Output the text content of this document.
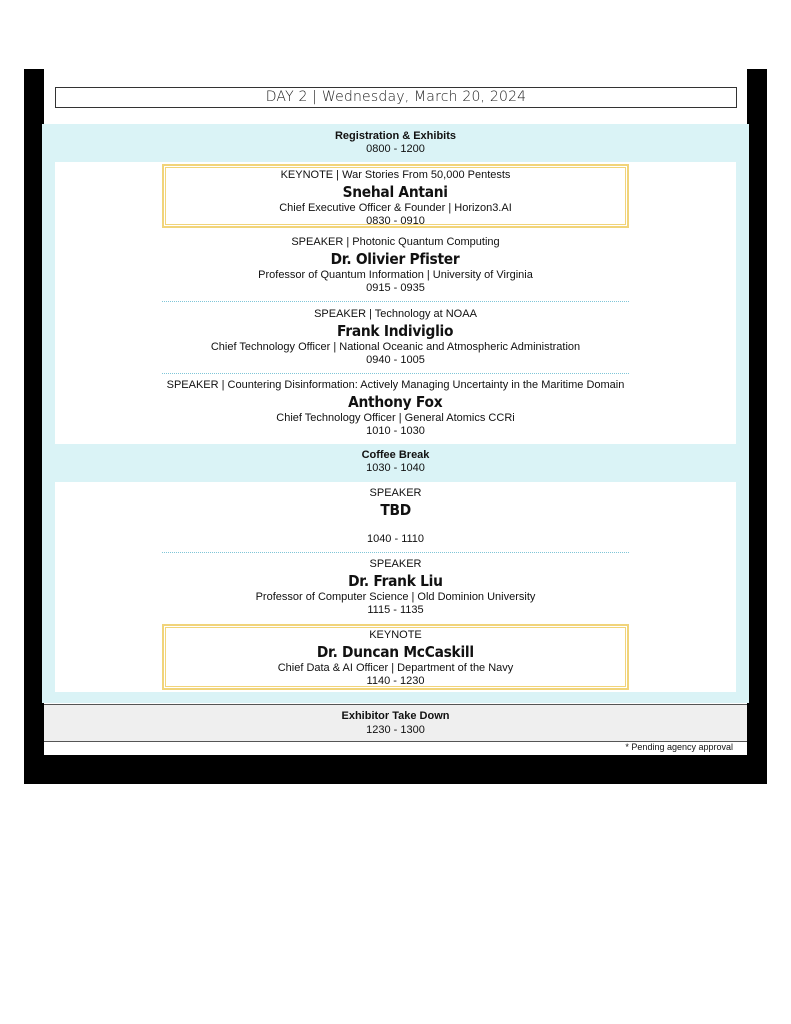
DAY 2 | Wednesday, March 20, 2024
Registration & Exhibits
0800 - 1200
KEYNOTE | War Stories From 50,000 Pentests
Snehal Antani
Chief Executive Officer & Founder | Horizon3.AI
0830 - 0910
SPEAKER | Photonic Quantum Computing
Dr. Olivier Pfister
Professor of Quantum Information | University of Virginia
0915 - 0935
SPEAKER | Technology at NOAA
Frank Indiviglio
Chief Technology Officer | National Oceanic and Atmospheric Administration
0940 - 1005
SPEAKER | Countering Disinformation: Actively Managing Uncertainty in the Maritime Domain
Anthony Fox
Chief Technology Officer | General Atomics CCRi
1010 - 1030
Coffee Break
1030 - 1040
SPEAKER
TBD
1040 - 1110
SPEAKER
Dr. Frank Liu
Professor of Computer Science | Old Dominion University
1115 - 1135
KEYNOTE
Dr. Duncan McCaskill
Chief Data & AI Officer | Department of the Navy
1140 - 1230
Exhibitor Take Down
1230 - 1300
* Pending agency approval
